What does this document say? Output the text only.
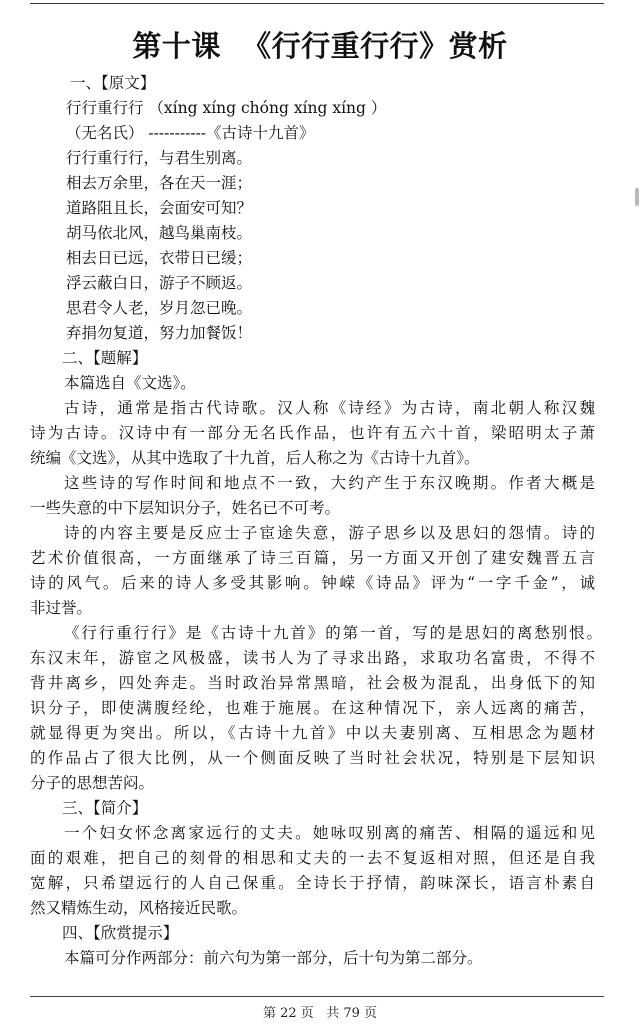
第十课  《行行重行行》赏析
一、【原文】
行行重行行 （xíng xíng chóng xíng xíng ）
（无名氏） -----------《古诗十九首》
行行重行行，与君生别离。
相去万余里，各在天一涯；
道路阻且长，会面安可知？
胡马依北风，越鸟巢南枝。
相去日已远，衣带日已缓；
浮云蔽白日，游子不顾返。
思君令人老，岁月忽已晚。
弃捐勿复道，努力加餐饭！
二、【题解】
本篇选自《文选》。
古诗，通常是指古代诗歌。汉人称《诗经》为古诗，南北朝人称汉魏
诗为古诗。汉诗中有一部分无名氏作品，也许有五六十首，梁昭明太子萧
统编《文选》，从其中选取了十九首，后人称之为《古诗十九首》。
这些诗的写作时间和地点不一致，大约产生于东汉晚期。作者大概是
一些失意的中下层知识分子，姓名已不可考。
诗的内容主要是反应士子宦途失意，游子思乡以及思妇的怨情。诗的
艺术价值很高，一方面继承了诗三百篇，另一方面又开创了建安魏晋五言
诗的风气。后来的诗人多受其影响。钟嵘《诗品》评为“一字千金”，诚
非过誉。
《行行重行行》是《古诗十九首》的第一首，写的是思妇的离愁别恨。
东汉末年，游宦之风极盛，读书人为了寻求出路，求取功名富贵，不得不
背井离乡，四处奔走。当时政治异常黑暗，社会极为混乱，出身低下的知
识分子，即使满腹经纶，也难于施展。在这种情况下，亲人远离的痛苦，
就显得更为突出。所以，《古诗十九首》中以夫妻别离、互相思念为题材
的作品占了很大比例，从一个侧面反映了当时社会状况，特别是下层知识
分子的思想苦闷。
三、【简介】
一个妇女怀念离家远行的丈夫。她咏叹别离的痛苦、相隔的遥远和见
面的艰难，把自己的刻骨的相思和丈夫的一去不复返相对照，但还是自我
宽解，只希望远行的人自己保重。全诗长于抒情，韵味深长，语言朴素自
然又精炼生动，风格接近民歌。
四、【欣赏提示】
本篇可分作两部分：前六句为第一部分，后十句为第二部分。
第 22 页   共 79 页
